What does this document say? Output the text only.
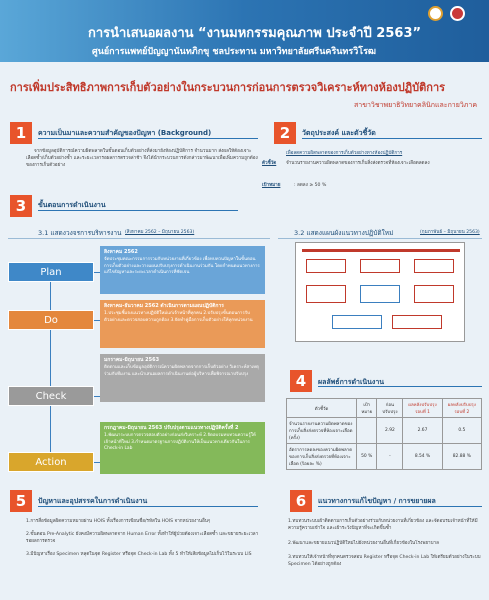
การนำเสนอผลงาน “งานมหกรรมคุณภาพ ประจำปี 2563”
ศูนย์การแพทย์ปัญญานันทภิกขุ ชลประทาน มหาวิทยาลัยศรีนครินทรวิโรฒ
การเพิ่มประสิทธิภาพการเก็บตัวอย่างในกระบวนการก่อนการตรวจวิเคราะห์ทางห้องปฏิบัติการ
สาขาวิชาพยาธิวิทยาคลินิกและกายวิภาค
1	ความเป็นมาและความสำคัญของปัญหา (Background)
จากข้อมูลอุบัติการณ์ความผิดพลาดในขั้นตอนเก็บตัวอย่างที่ส่งมายังห้องปฏิบัติการ จำนวนมาก ส่งผลให้ต้องเจาะเลือดซ้ำ/เก็บตัวอย่างซ้ำ และระยะเวลารอผลการตรวจล่าช้า จึงได้นำกระบวนการดังกล่าวมาพัฒนาเพื่อเพิ่มความถูกต้องของการเก็บตัวอย่าง
2	วัตถุประสงค์ และตัวชี้วัด
เพื่อลดความผิดพลาดของการเก็บตัวอย่างทางห้องปฏิบัติการ
ตัวชี้วัด จำนวนรายงานความผิดพลาดของการเก็บสิ่งส่งตรวจที่ห้องเจาะเลือดลดลง
เป้าหมาย	: ลดลง ≥ 50 %
3	ขั้นตอนการดำเนินงาน
3.1 แสดงวงจรการบริหารงาน (สิงหาคม 2562 – มิถุนายน 2563)	3.2 แสดงแผนผังแนวทางปฏิบัติใหม่	(กุมภาพันธ์ – มิถุนายน 2563)
Plan
สิงหาคม 2562
จัดประชุมคณะกรรมการรวมกับหน่วยงานที่เกี่ยวข้อง เพื่อทบทวนปัญหาในขั้นตอนการเก็บตัวอย่างและวางแผนปรับปรุงการดำเนินงานร่วมกัน โดยกำหนดแนวทางการแก้ไขปัญหาและระยะเวลาดำเนินการที่ชัดเจน
Do
สิงหาคม-ธันวาคม 2562 ดำเนินการตามแผนปฏิบัติการ
1.ประชุมชี้แจงแนวทางปฏิบัติใหม่แก่เจ้าหน้าที่ทุกคน 2.ปรับปรุงขั้นตอนการรับตัวอย่างและตรวจสอบความถูกต้อง 3.จัดทำคู่มือการเก็บตัวอย่างให้ทุกหน่วยงาน
Check
มกราคม-มิถุนายน 2563
ติดตามและเก็บข้อมูลอุบัติการณ์ความผิดพลาดจากการเก็บตัวอย่าง วิเคราะห์สาเหตุร่วมกับทีมงาน และนำเสนอผลการดำเนินงานต่อผู้บริหารเพื่อพิจารณาปรับปรุง
Action
กรกฎาคม-มิถุนายน 2563 ปรับปรุงตามแนวทางปฏิบัติครั้งที่ 2
1.พัฒนาระบบการตรวจสอบตัวอย่างก่อนส่งวิเคราะห์ 2.จัดอบรมทบทวนความรู้ให้เจ้าหน้าที่ใหม่ 3.กำหนดมาตรฐานการปฏิบัติงานให้เป็นแนวทางเดียวกันในการ Check-in Lab
4	ผลลัพธ์การดำเนินงาน
ตัวชี้วัด	เป้าหมาย	ก่อนปรับปรุง	ผลหลังปรับปรุงรอบที่ 1	ผลหลังปรับปรุงรอบที่ 2
จำนวนรายงานความผิดพลาดของการเก็บสิ่งส่งตรวจที่ห้องเจาะเลือด (ครั้ง)		2.92	2.67	0.5
อัตราการลดลงของความผิดพลาดของการเก็บสิ่งส่งตรวจที่ห้องเจาะเลือด (ร้อยละ %)	50 %	-	8.54 %	82.88 %
5	ปัญหาและอุปสรรคในการดำเนินงาน
1.การสื่อข้อมูลผิดความหมายผ่าน HOIS ทั้งเรื่องการเขียนชื่อ/รหัสใน HOIS จากหน่วยงานอื่นๆ
2.ขั้นตอน Pre-Analytic ยังคงมีความผิดพลาดจาก Human Error ทั้งทำให้ผู้ป่วยต้องเจาะเลือดซ้ำ และขยายระยะเวลารอผลการตรวจ
3.มีปัญหาเรื่อง Specimen หลุดในจุด Register หรือจุด Check-in Lab ทั้ง 5 ทำให้เสียข้อมูลไม่เก็บไว้ในระบบ LIS
6	แนวทางการแก้ไขปัญหา / การขยายผล
1.ทบทวนระบบเฝ้าติดตามการเก็บตัวอย่างร่วมกับหน่วยงานที่เกี่ยวข้อง และจัดอบรมเจ้าหน้าที่ให้มีความรู้ความเข้าใจ และเฝ้าระวังปัญหาที่จะเกิดขึ้นซ้ำ
2.พัฒนาและขยายแนวปฏิบัติใหม่ไปยังหน่วยงานอื่นที่เกี่ยวข้องในโรงพยาบาล
3.ทบทวนให้เจ้าหน้าที่ทุกคนตรวจสอบ Register หรือจุด Check-in Lab ให้เตรียมตัวอย่างในระบบ Specimen ได้อย่างถูกต้อง
